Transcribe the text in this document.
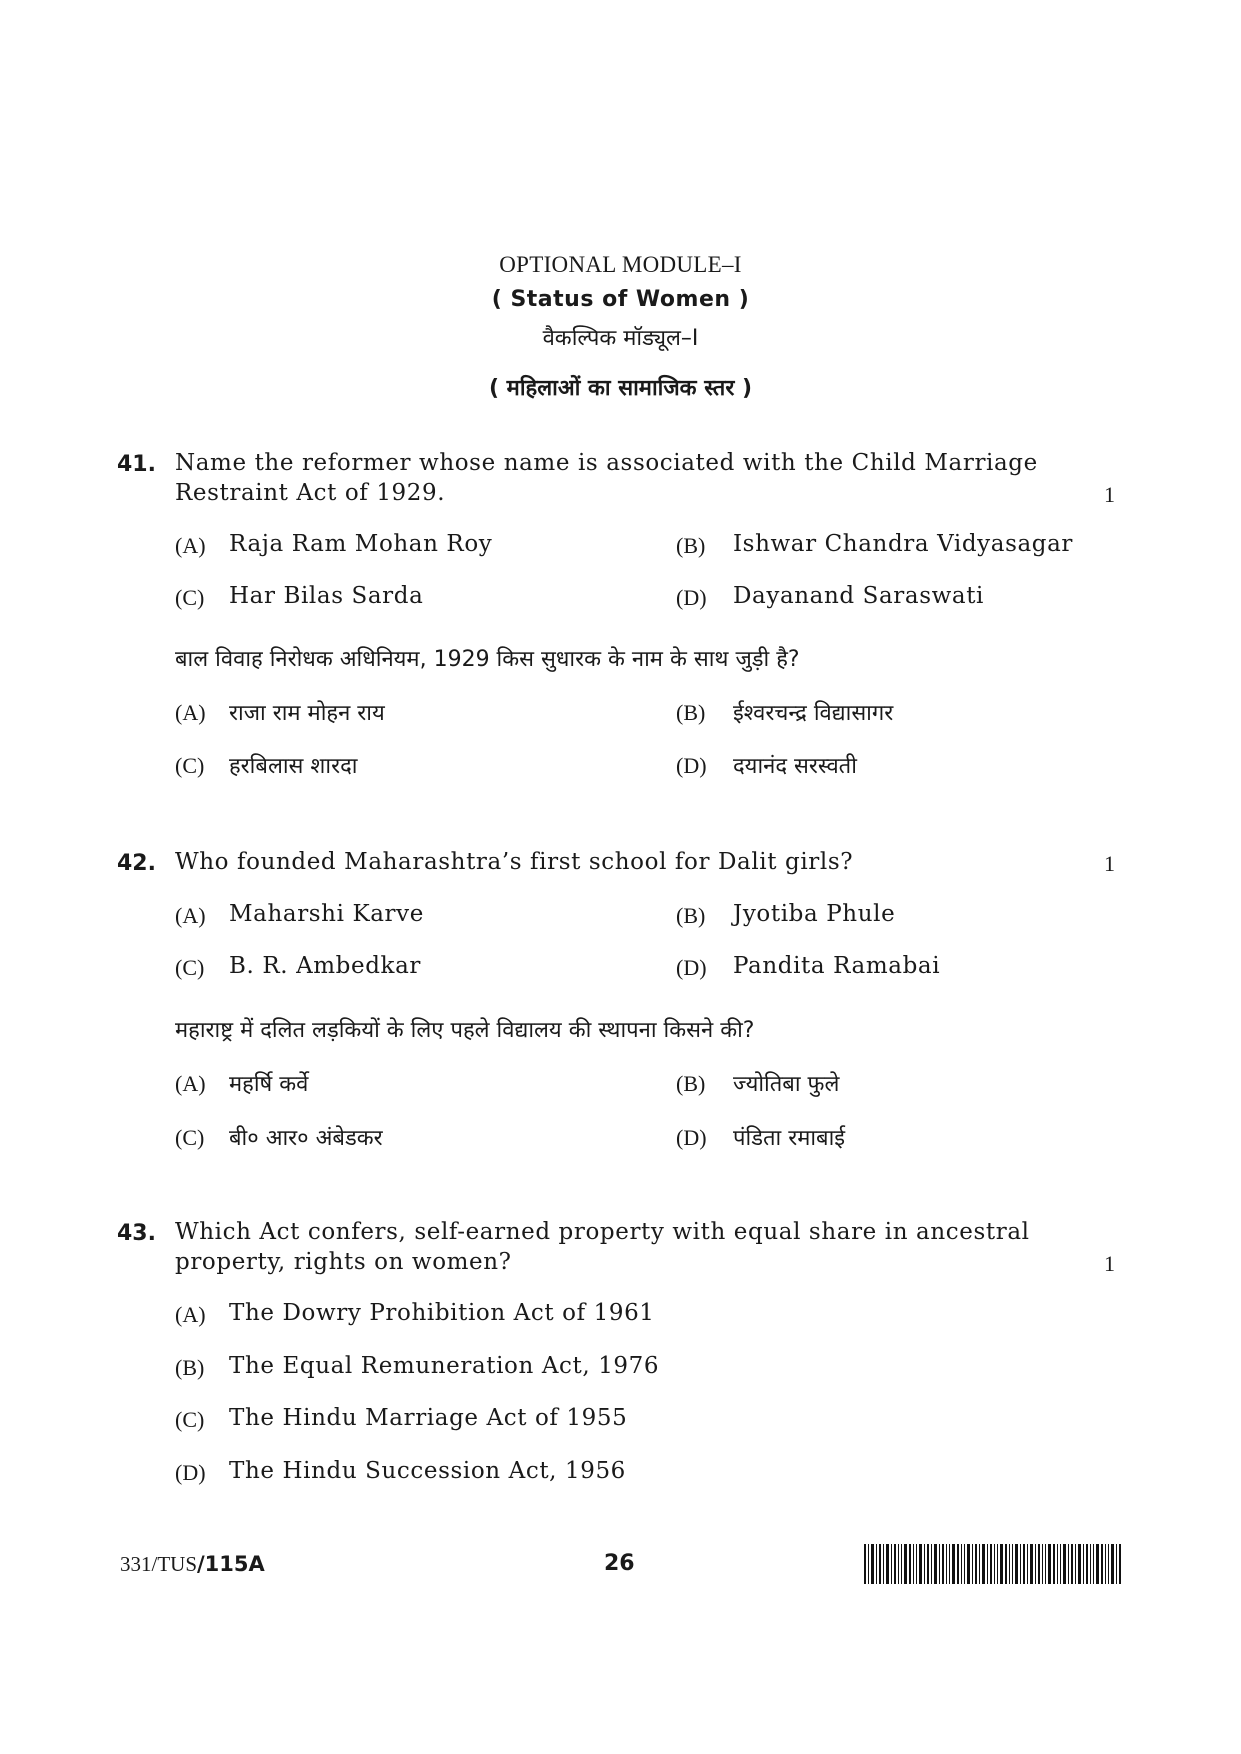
OPTIONAL MODULE–I
( Status of Women )
वैकल्पिक मॉड्यूल–I
( महिलाओं का सामाजिक स्तर )
41. Name the reformer whose name is associated with the Child Marriage
Restraint Act of 1929.	1
(A) Raja Ram Mohan Roy	(B) Ishwar Chandra Vidyasagar
(C) Har Bilas Sarda	(D) Dayanand Saraswati
बाल विवाह निरोधक अधिनियम, 1929 किस सुधारक के नाम के साथ जुड़ी है?
(A) राजा राम मोहन राय	(B) ईश्वरचन्द्र विद्यासागर
(C) हरबिलास शारदा	(D) दयानंद सरस्वती
42. Who founded Maharashtra’s first school for Dalit girls?	1
(A) Maharshi Karve	(B) Jyotiba Phule
(C) B. R. Ambedkar	(D) Pandita Ramabai
महाराष्ट्र में दलित लड़कियों के लिए पहले विद्यालय की स्थापना किसने की?
(A) महर्षि कर्वे	(B) ज्योतिबा फुले
(C) बी० आर० अंबेडकर	(D) पंडिता रमाबाई
43. Which Act confers, self-earned property with equal share in ancestral
property, rights on women?	1
(A) The Dowry Prohibition Act of 1961
(B) The Equal Remuneration Act, 1976
(C) The Hindu Marriage Act of 1955
(D) The Hindu Succession Act, 1956
331/TUS/115A	26
